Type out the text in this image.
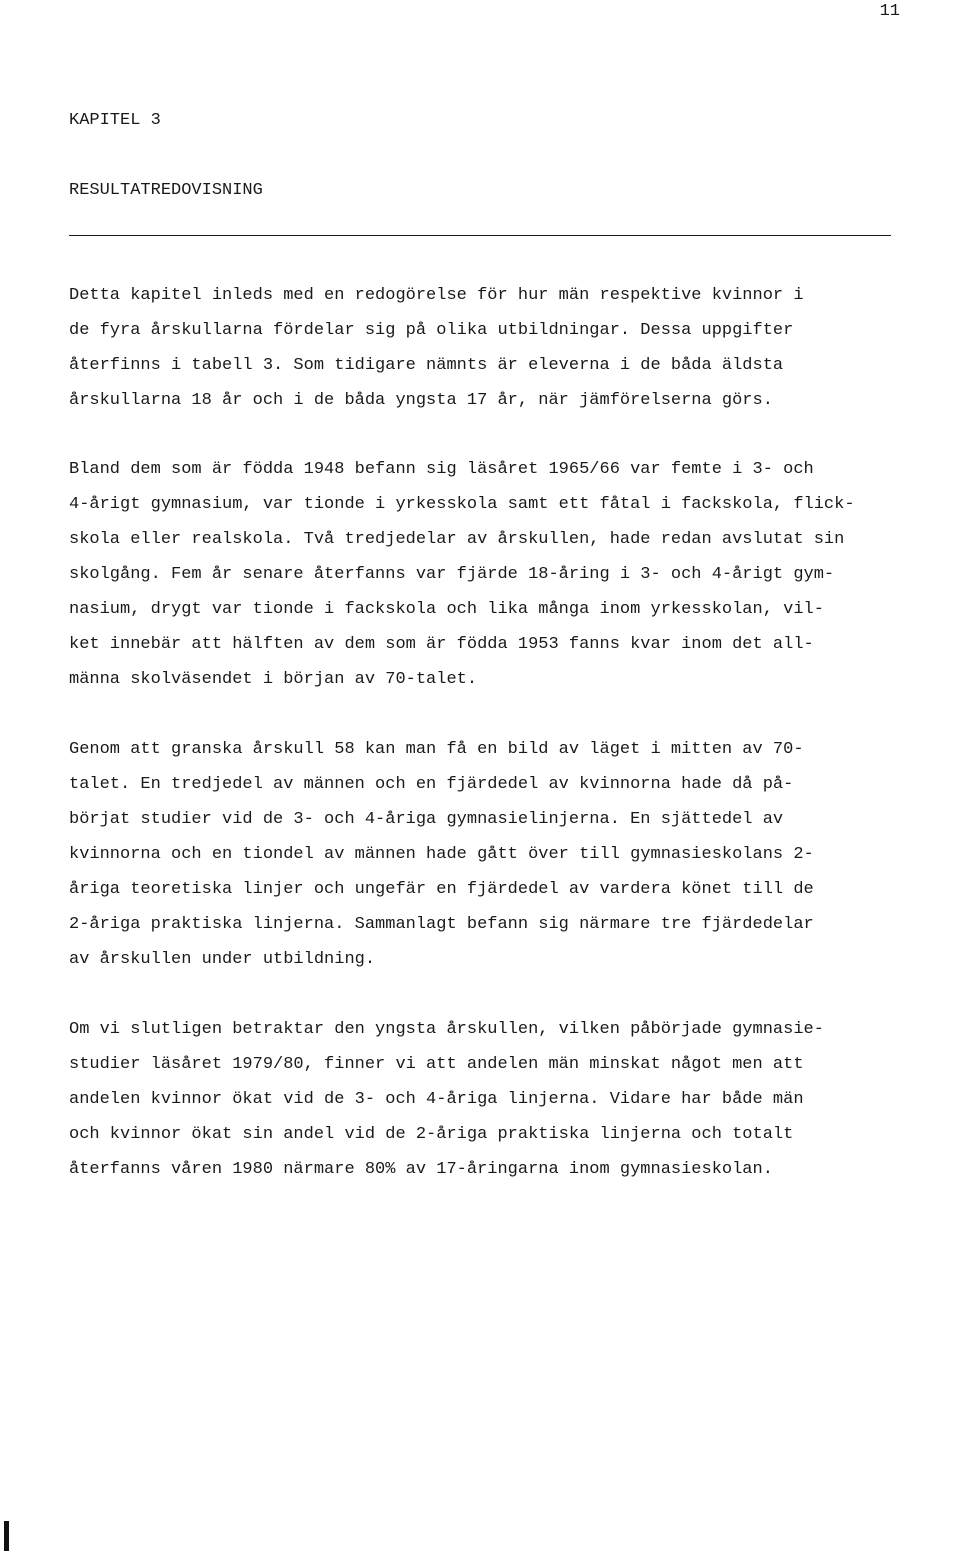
11
KAPITEL 3
RESULTATREDOVISNING
Detta kapitel inleds med en redogörelse för hur män respektive kvinnor i
de fyra årskullarna fördelar sig på olika utbildningar. Dessa uppgifter
återfinns i tabell 3. Som tidigare nämnts är eleverna i de båda äldsta
årskullarna 18 år och i de båda yngsta 17 år, när jämförelserna görs.
Bland dem som är födda 1948 befann sig läsåret 1965/66 var femte i 3- och
4-årigt gymnasium, var tionde i yrkesskola samt ett fåtal i fackskola, flick-
skola eller realskola. Två tredjedelar av årskullen, hade redan avslutat sin
skolgång. Fem år senare återfanns var fjärde 18-åring i 3- och 4-årigt gym-
nasium, drygt var tionde i fackskola och lika många inom yrkesskolan, vil-
ket innebär att hälften av dem som är födda 1953 fanns kvar inom det all-
männa skolväsendet i början av 70-talet.
Genom att granska årskull 58 kan man få en bild av läget i mitten av 70-
talet. En tredjedel av männen och en fjärdedel av kvinnorna hade då på-
börjat studier vid de 3- och 4-åriga gymnasielinjerna. En sjättedel av
kvinnorna och en tiondel av männen hade gått över till gymnasieskolans 2-
åriga teoretiska linjer och ungefär en fjärdedel av vardera könet till de
2-åriga praktiska linjerna. Sammanlagt befann sig närmare tre fjärdedelar
av årskullen under utbildning.
Om vi slutligen betraktar den yngsta årskullen, vilken påbörjade gymnasie-
studier läsåret 1979/80, finner vi att andelen män minskat något men att
andelen kvinnor ökat vid de 3- och 4-åriga linjerna. Vidare har både män
och kvinnor ökat sin andel vid de 2-åriga praktiska linjerna och totalt
återfanns våren 1980 närmare 80% av 17-åringarna inom gymnasieskolan.
